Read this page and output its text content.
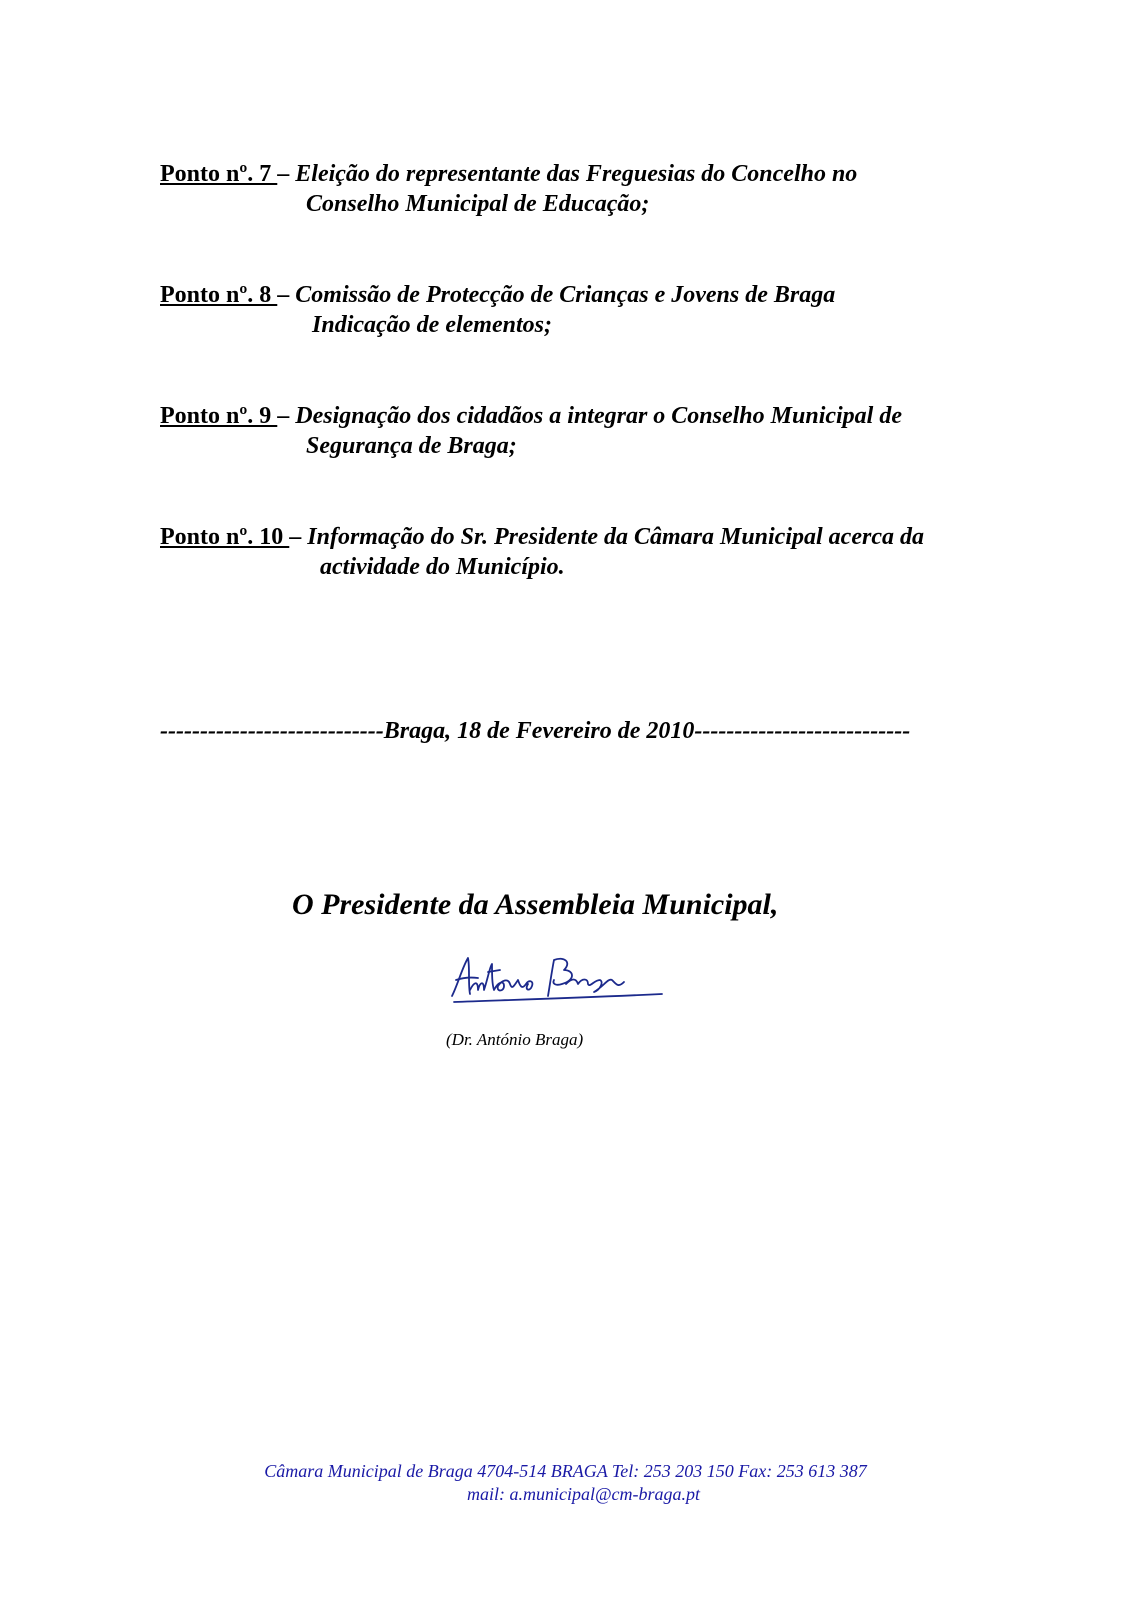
Ponto nº. 7 – Eleição do representante das Freguesias do Concelho no
Conselho Municipal de Educação;
Ponto nº. 8 – Comissão de Protecção de Crianças e Jovens de Braga
Indicação de elementos;
Ponto nº. 9 – Designação dos cidadãos a integrar o Conselho Municipal de
Segurança de Braga;
Ponto nº. 10 – Informação do Sr. Presidente da Câmara Municipal acerca da
actividade do Município.
----------------------------Braga, 18 de Fevereiro de 2010---------------------------
O Presidente da Assembleia Municipal,
(Dr. António Braga)
Câmara Municipal de Braga 4704-514 BRAGA Tel: 253 203 150 Fax: 253 613 387
mail: a.municipal@cm-braga.pt
